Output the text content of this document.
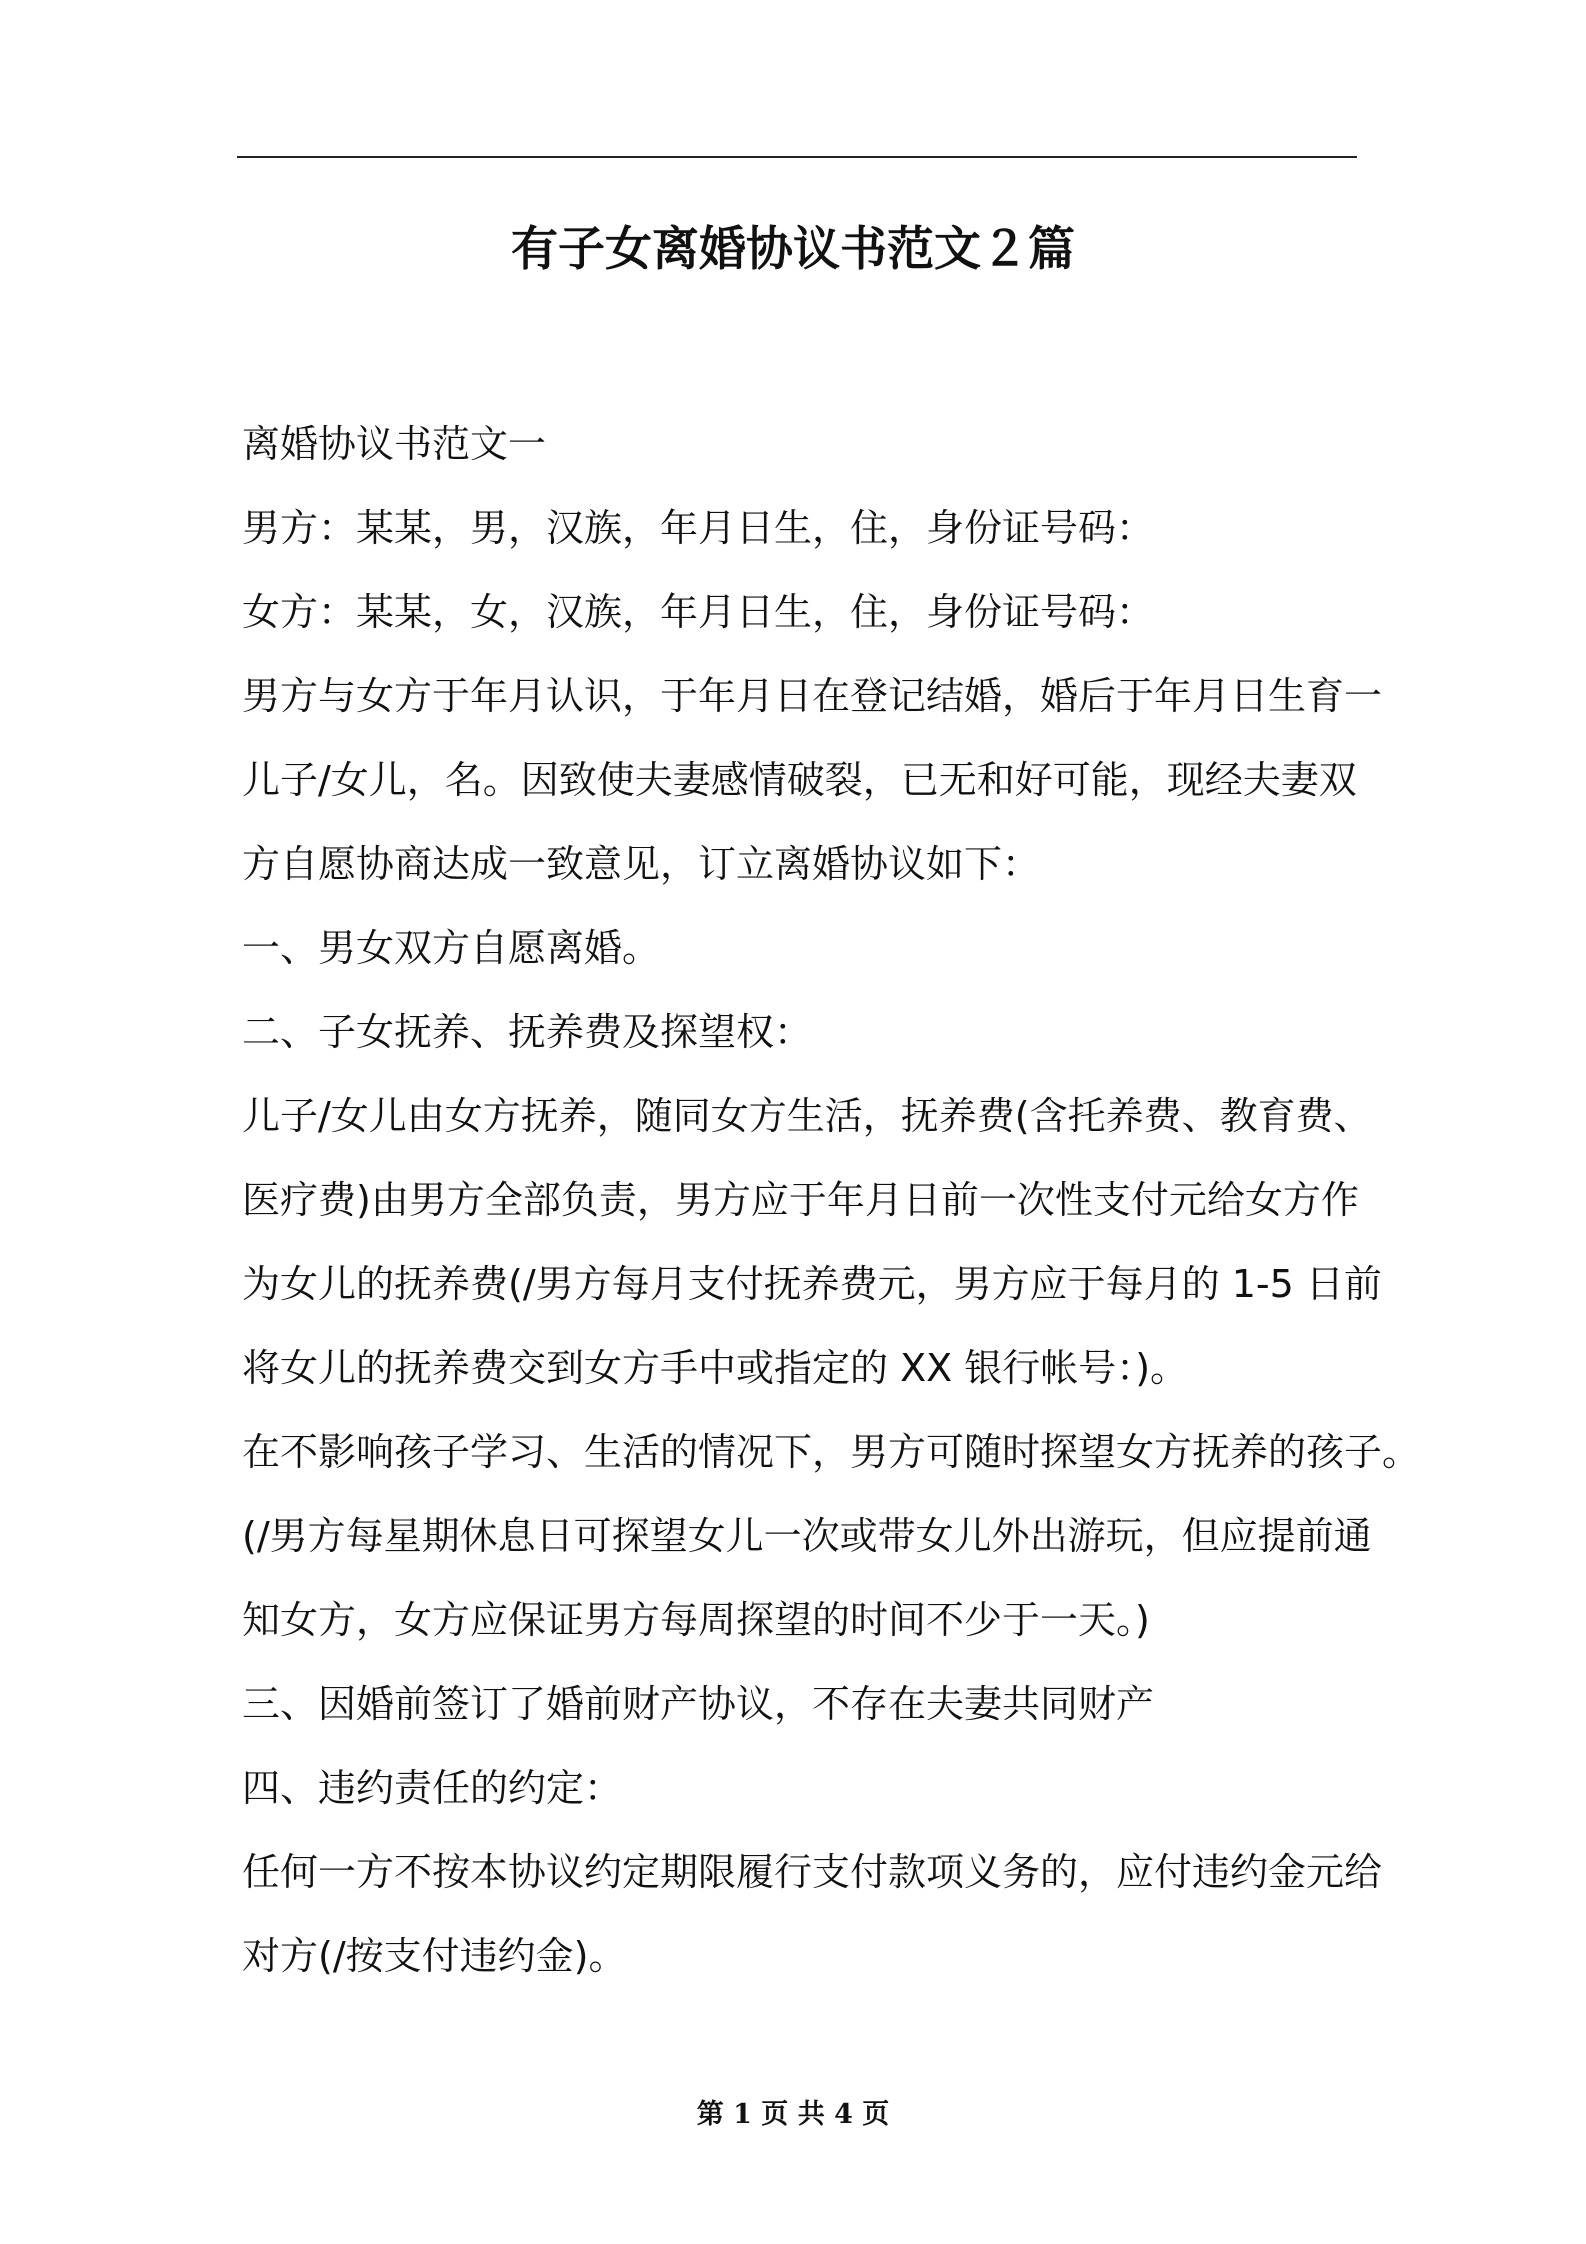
有子女离婚协议书范文２篇
离婚协议书范文一
男方：某某，男，汉族，年月日生，住，身份证号码：
女方：某某，女，汉族，年月日生，住，身份证号码：
男方与女方于年月认识，于年月日在登记结婚，婚后于年月日生育一
儿子/女儿，名。因致使夫妻感情破裂，已无和好可能，现经夫妻双
方自愿协商达成一致意见，订立离婚协议如下：
一、男女双方自愿离婚。
二、子女抚养、抚养费及探望权：
儿子/女儿由女方抚养，随同女方生活，抚养费(含托养费、教育费、
医疗费)由男方全部负责，男方应于年月日前一次性支付元给女方作
为女儿的抚养费(/男方每月支付抚养费元，男方应于每月的 1-5 日前
将女儿的抚养费交到女方手中或指定的 XX 银行帐号：)。
在不影响孩子学习、生活的情况下，男方可随时探望女方抚养的孩子。
(/男方每星期休息日可探望女儿一次或带女儿外出游玩，但应提前通
知女方，女方应保证男方每周探望的时间不少于一天。)
三、因婚前签订了婚前财产协议，不存在夫妻共同财产
四、违约责任的约定：
任何一方不按本协议约定期限履行支付款项义务的，应付违约金元给
对方(/按支付违约金)。
第 1 页 共 4 页
